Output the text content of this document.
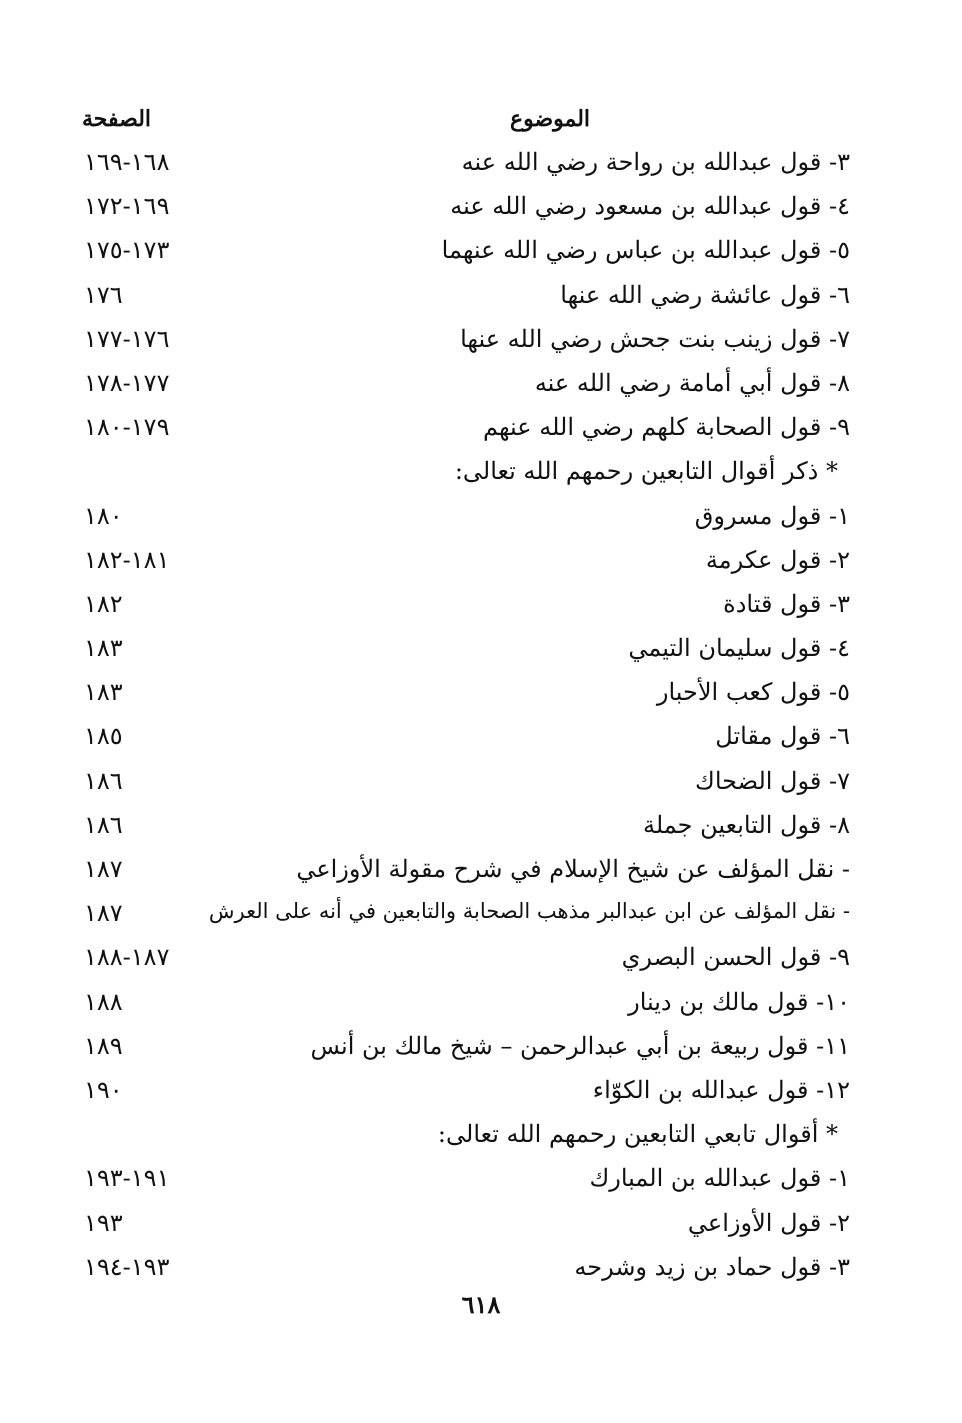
الموضوع
الصفحة
٣- قول عبدالله بن رواحة رضي الله عنه
١٦٨-١٦٩
٤- قول عبدالله بن مسعود رضي الله عنه
١٦٩-١٧٢
٥- قول عبدالله بن عباس رضي الله عنهما
١٧٣-١٧٥
٦- قول عائشة رضي الله عنها
١٧٦
٧- قول زينب بنت جحش رضي الله عنها
١٧٦-١٧٧
٨- قول أبي أمامة رضي الله عنه
١٧٧-١٧٨
٩- قول الصحابة كلهم رضي الله عنهم
١٧٩-١٨٠
* ذكر أقوال التابعين رحمهم الله تعالى:
١- قول مسروق
١٨٠
٢- قول عكرمة
١٨١-١٨٢
٣- قول قتادة
١٨٢
٤- قول سليمان التيمي
١٨٣
٥- قول كعب الأحبار
١٨٣
٦- قول مقاتل
١٨٥
٧- قول الضحاك
١٨٦
٨- قول التابعين جملة
١٨٦
- نقل المؤلف عن شيخ الإسلام في شرح مقولة الأوزاعي
١٨٧
- نقل المؤلف عن ابن عبدالبر مذهب الصحابة والتابعين في أنه على العرش
١٨٧
٩- قول الحسن البصري
١٨٧-١٨٨
١٠- قول مالك بن دينار
١٨٨
١١- قول ربيعة بن أبي عبدالرحمن – شيخ مالك بن أنس
١٨٩
١٢- قول عبدالله بن الكوّاء
١٩٠
* أقوال تابعي التابعين رحمهم الله تعالى:
١- قول عبدالله بن المبارك
١٩١-١٩٣
٢- قول الأوزاعي
١٩٣
٣- قول حماد بن زيد وشرحه
١٩٣-١٩٤
٦١٨
